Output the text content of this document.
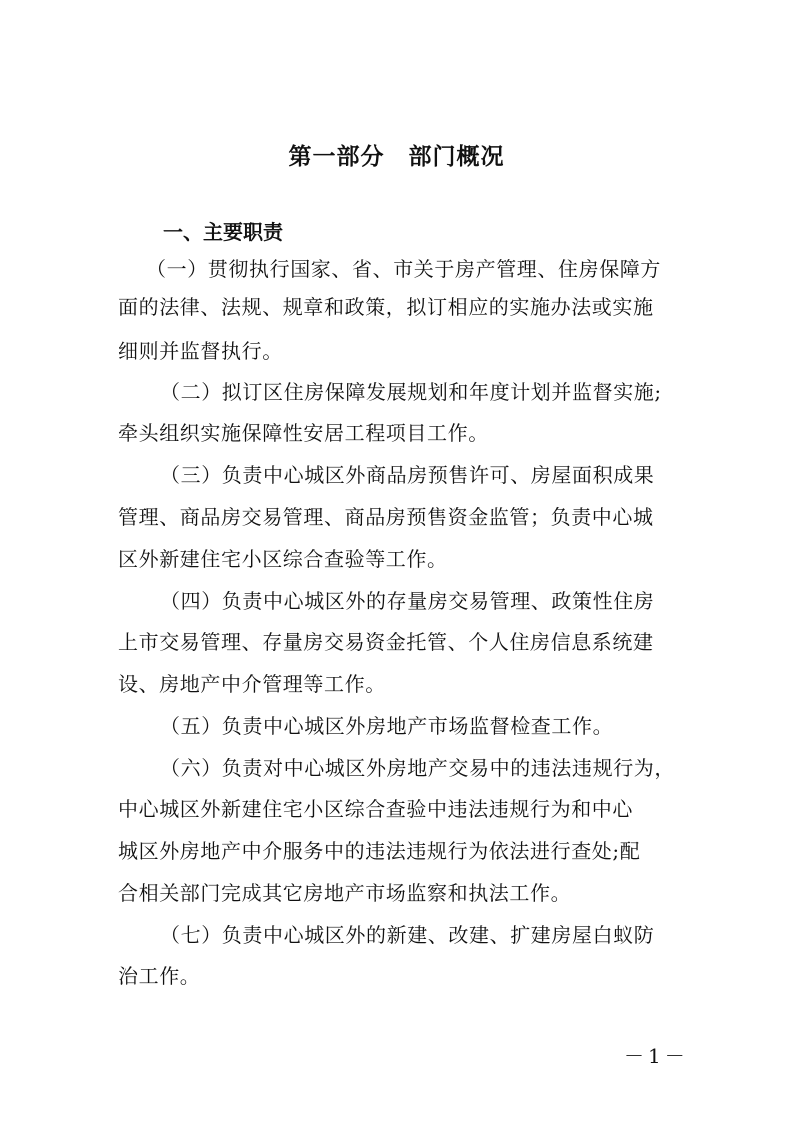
第一部分　部门概况
一、主要职责
（一）贯彻执行国家、省、市关于房产管理、住房保障方
面的法律、法规、规章和政策，拟订相应的实施办法或实施
细则并监督执行。
（二）拟订区住房保障发展规划和年度计划并监督实施;
牵头组织实施保障性安居工程项目工作。
（三）负责中心城区外商品房预售许可、房屋面积成果
管理、商品房交易管理、商品房预售资金监管；负责中心城
区外新建住宅小区综合查验等工作。
（四）负责中心城区外的存量房交易管理、政策性住房
上市交易管理、存量房交易资金托管、个人住房信息系统建
设、房地产中介管理等工作。
（五）负责中心城区外房地产市场监督检查工作。
（六）负责对中心城区外房地产交易中的违法违规行为，
中心城区外新建住宅小区综合查验中违法违规行为和中心
城区外房地产中介服务中的违法违规行为依法进行查处;配
合相关部门完成其它房地产市场监察和执法工作。
（七）负责中心城区外的新建、改建、扩建房屋白蚁防
治工作。
－1－
